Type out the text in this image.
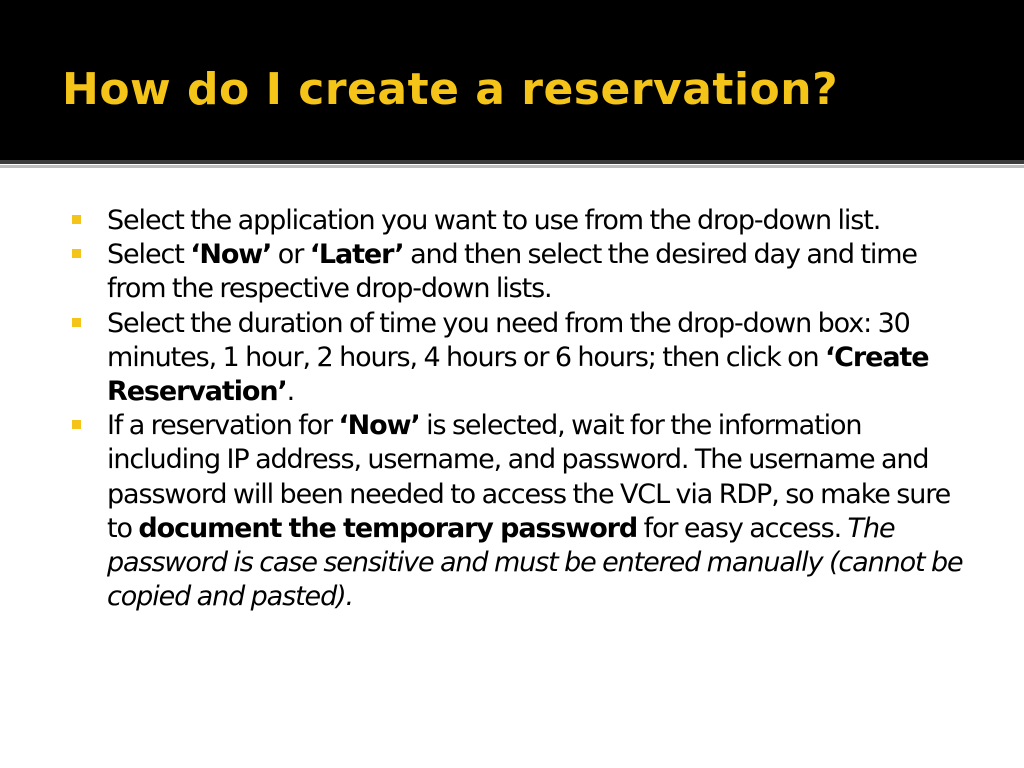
How do I create a reservation?

Select the application you want to use from the drop-down list.

Select ‘Now’ or ‘Later’ and then select the desired day and time from the respective drop-down lists.

Select the duration of time you need from the drop-down box: 30 minutes, 1 hour, 2 hours, 4 hours or 6 hours; then click on ‘Create Reservation’.

If a reservation for ‘Now’ is selected, wait for the information including IP address, username, and password. The username and password will been needed to access the VCL via RDP, so make sure to document the temporary password for easy access. The password is case sensitive and must be entered manually (cannot be copied and pasted).
